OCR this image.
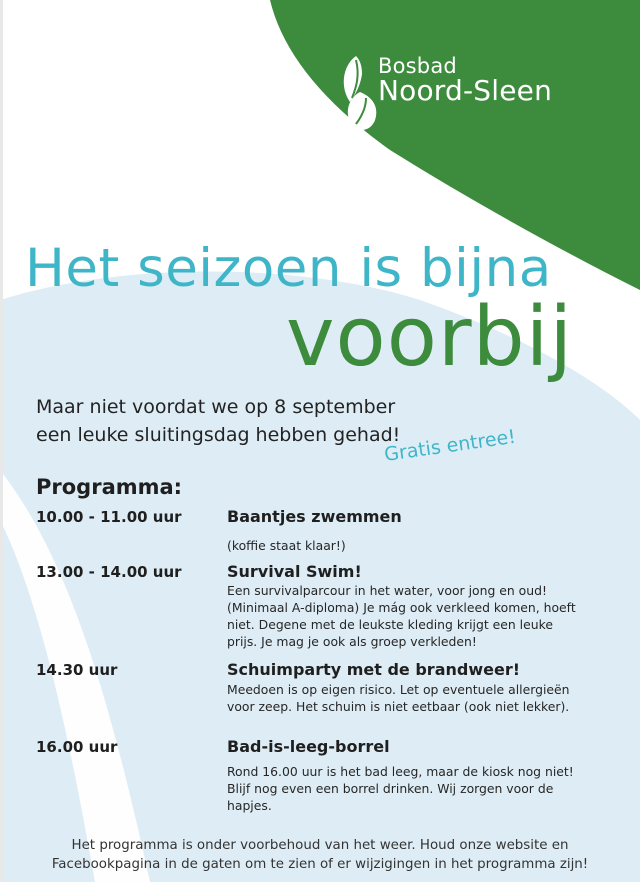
Bosbad
Noord-Sleen
Het seizoen is bijna
voorbij
Maar niet voordat we op 8 september een leuke sluitingsdag hebben gehad!
Gratis entree!
Programma:
10.00 - 11.00 uur	Baantjes zwemmen
(koffie staat klaar!)
13.00 - 14.00 uur	Survival Swim!
Een survivalparcour in het water, voor jong en oud! (Minimaal A-diploma) Je mág ook verkleed komen, hoeft niet. Degene met de leukste kleding krijgt een leuke prijs. Je mag je ook als groep verkleden!
14.30 uur	Schuimparty met de brandweer!
Meedoen is op eigen risico. Let op eventuele allergieën voor zeep. Het schuim is niet eetbaar (ook niet lekker).
16.00 uur	Bad-is-leeg-borrel
Rond 16.00 uur is het bad leeg, maar de kiosk nog niet! Blijf nog even een borrel drinken. Wij zorgen voor de hapjes.
Het programma is onder voorbehoud van het weer. Houd onze website en Facebookpagina in de gaten om te zien of er wijzigingen in het programma zijn!
